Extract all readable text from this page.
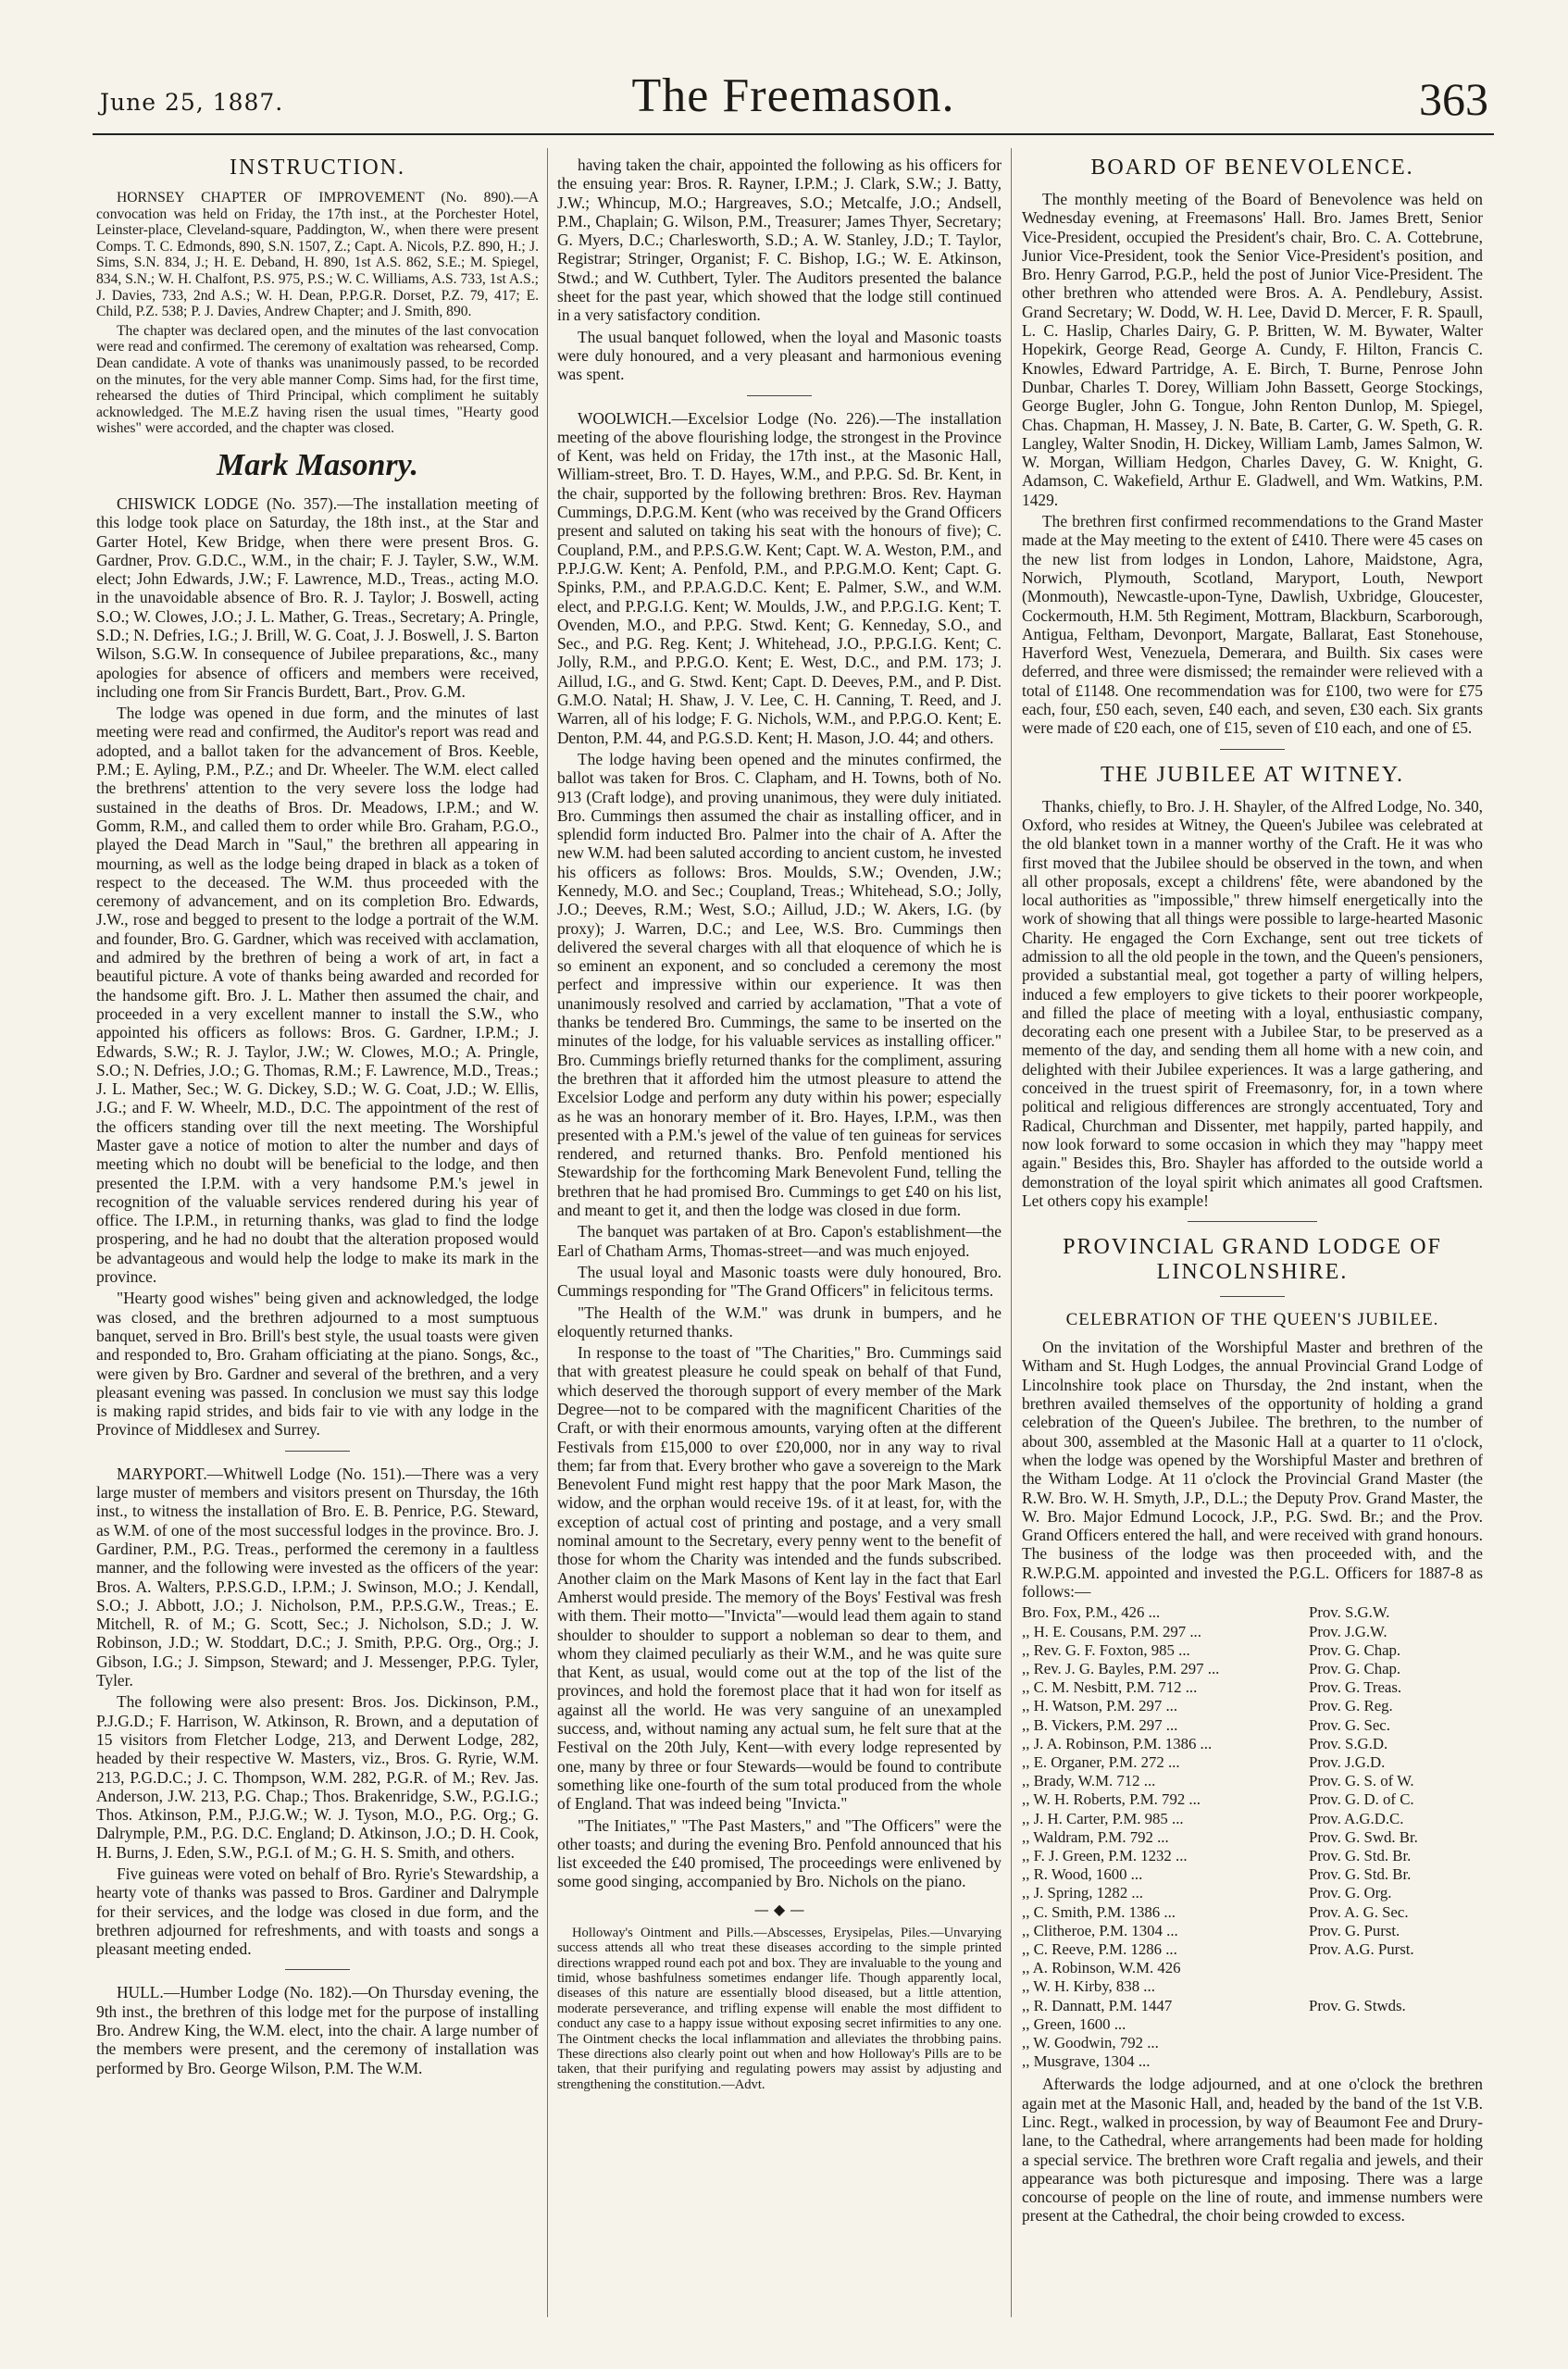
June 25, 1887.	The Freemason.	363
INSTRUCTION.

HORNSEY CHAPTER OF IMPROVEMENT (No. 890).—A convocation was held on Friday, the 17th inst., at the Porchester Hotel, Leinster-place, Cleveland-square, Paddington, W., when there were present Comps. T. C. Edmonds, 890, S.N. 1507, Z.; Capt. A. Nicols, P.Z. 890, H.; J. Sims, S.N. 834, J.; H. E. Deband, H. 890, 1st A.S. 862, S.E.; M. Spiegel, 834, S.N.; W. H. Chalfont, P.S. 975, P.S.; W. C. Williams, A.S. 733, 1st A.S.; J. Davies, 733, 2nd A.S.; W. H. Dean, P.P.G.R. Dorset, P.Z. 79, 417; E. Child, P.Z. 538; P. J. Davies, Andrew Chapter; and J. Smith, 890.

The chapter was declared open, and the minutes of the last convocation were read and confirmed. The ceremony of exaltation was rehearsed, Comp. Dean candidate. A vote of thanks was unanimously passed, to be recorded on the minutes, for the very able manner Comp. Sims had, for the first time, rehearsed the duties of Third Principal, which compliment he suitably acknowledged. The M.E.Z having risen the usual times, "Hearty good wishes" were accorded, and the chapter was closed.

Mark Masonry.

CHISWICK LODGE (No. 357).—The installation meeting of this lodge took place on Saturday, the 18th inst., at the Star and Garter Hotel, Kew Bridge, when there were present Bros. G. Gardner, Prov. G.D.C., W.M., in the chair; F. J. Tayler, S.W., W.M. elect; John Edwards, J.W.; F. Lawrence, M.D., Treas., acting M.O. in the unavoidable absence of Bro. R. J. Taylor; J. Boswell, acting S.O.; W. Clowes, J.O.; J. L. Mather, G. Treas., Secretary; A. Pringle, S.D.; N. Defries, I.G.; J. Brill, W. G. Coat, J. J. Boswell, J. S. Barton Wilson, S.G.W. In consequence of Jubilee preparations, &c., many apologies for absence of officers and members were received, including one from Sir Francis Burdett, Bart., Prov. G.M.

The lodge was opened in due form, and the minutes of last meeting were read and confirmed, the Auditor's report was read and adopted, and a ballot taken for the advancement of Bros. Keeble, P.M.; E. Ayling, P.M., P.Z.; and Dr. Wheeler. The W.M. elect called the brethrens' attention to the very severe loss the lodge had sustained in the deaths of Bros. Dr. Meadows, I.P.M.; and W. Gomm, R.M., and called them to order while Bro. Graham, P.G.O., played the Dead March in "Saul," the brethren all appearing in mourning, as well as the lodge being draped in black as a token of respect to the deceased. The W.M. thus proceeded with the ceremony of advancement, and on its completion Bro. Edwards, J.W., rose and begged to present to the lodge a portrait of the W.M. and founder, Bro. G. Gardner, which was received with acclamation, and admired by the brethren of being a work of art, in fact a beautiful picture. A vote of thanks being awarded and recorded for the handsome gift. Bro. J. L. Mather then assumed the chair, and proceeded in a very excellent manner to install the S.W., who appointed his officers as follows: Bros. G. Gardner, I.P.M.; J. Edwards, S.W.; R. J. Taylor, J.W.; W. Clowes, M.O.; A. Pringle, S.O.; N. Defries, J.O.; G. Thomas, R.M.; F. Lawrence, M.D., Treas.; J. L. Mather, Sec.; W. G. Dickey, S.D.; W. G. Coat, J.D.; W. Ellis, J.G.; and F. W. Wheelr, M.D., D.C. The appointment of the rest of the officers standing over till the next meeting. The Worshipful Master gave a notice of motion to alter the number and days of meeting which no doubt will be beneficial to the lodge, and then presented the I.P.M. with a very handsome P.M.'s jewel in recognition of the valuable services rendered during his year of office. The I.P.M., in returning thanks, was glad to find the lodge prospering, and he had no doubt that the alteration proposed would be advantageous and would help the lodge to make its mark in the province.

"Hearty good wishes" being given and acknowledged, the lodge was closed, and the brethren adjourned to a most sumptuous banquet, served in Bro. Brill's best style, the usual toasts were given and responded to, Bro. Graham officiating at the piano. Songs, &c., were given by Bro. Gardner and several of the brethren, and a very pleasant evening was passed. In conclusion we must say this lodge is making rapid strides, and bids fair to vie with any lodge in the Province of Middlesex and Surrey.

MARYPORT.—Whitwell Lodge (No. 151).—There was a very large muster of members and visitors present on Thursday, the 16th inst., to witness the installation of Bro. E. B. Penrice, P.G. Steward, as W.M. of one of the most successful lodges in the province. Bro. J. Gardiner, P.M., P.G. Treas., performed the ceremony in a faultless manner, and the following were invested as the officers of the year: Bros. A. Walters, P.P.S.G.D., I.P.M.; J. Swinson, M.O.; J. Kendall, S.O.; J. Abbott, J.O.; J. Nicholson, P.M., P.P.S.G.W., Treas.; E. Mitchell, R. of M.; G. Scott, Sec.; J. Nicholson, S.D.; J. W. Robinson, J.D.; W. Stoddart, D.C.; J. Smith, P.P.G. Org., Org.; J. Gibson, I.G.; J. Simpson, Steward; and J. Messenger, P.P.G. Tyler, Tyler.

The following were also present: Bros. Jos. Dickinson, P.M., P.J.G.D.; F. Harrison, W. Atkinson, R. Brown, and a deputation of 15 visitors from Fletcher Lodge, 213, and Derwent Lodge, 282, headed by their respective W. Masters, viz., Bros. G. Ryrie, W.M. 213, P.G.D.C.; J. C. Thompson, W.M. 282, P.G.R. of M.; Rev. Jas. Anderson, J.W. 213, P.G. Chap.; Thos. Brakenridge, S.W., P.G.I.G.; Thos. Atkinson, P.M., P.J.G.W.; W. J. Tyson, M.O., P.G. Org.; G. Dalrymple, P.M., P.G. D.C. England; D. Atkinson, J.O.; D. H. Cook, H. Burns, J. Eden, S.W., P.G.I. of M.; G. H. S. Smith, and others.

Five guineas were voted on behalf of Bro. Ryrie's Stewardship, a hearty vote of thanks was passed to Bros. Gardiner and Dalrymple for their services, and the lodge was closed in due form, and the brethren adjourned for refreshments, and with toasts and songs a pleasant meeting ended.

HULL.—Humber Lodge (No. 182).—On Thursday evening, the 9th inst., the brethren of this lodge met for the purpose of installing Bro. Andrew King, the W.M. elect, into the chair. A large number of the members were present, and the ceremony of installation was performed by Bro. George Wilson, P.M. The W.M.

having taken the chair, appointed the following as his officers for the ensuing year: Bros. R. Rayner, I.P.M.; J. Clark, S.W.; J. Batty, J.W.; Whincup, M.O.; Hargreaves, S.O.; Metcalfe, J.O.; Andsell, P.M., Chaplain; G. Wilson, P.M., Treasurer; James Thyer, Secretary; G. Myers, D.C.; Charlesworth, S.D.; A. W. Stanley, J.D.; T. Taylor, Registrar; Stringer, Organist; F. C. Bishop, I.G.; W. E. Atkinson, Stwd.; and W. Cuthbert, Tyler. The Auditors presented the balance sheet for the past year, which showed that the lodge still continued in a very satisfactory condition.

The usual banquet followed, when the loyal and Masonic toasts were duly honoured, and a very pleasant and harmonious evening was spent.

WOOLWICH.—Excelsior Lodge (No. 226).—The installation meeting of the above flourishing lodge, the strongest in the Province of Kent, was held on Friday, the 17th inst., at the Masonic Hall, William-street, Bro. T. D. Hayes, W.M., and P.P.G. Sd. Br. Kent, in the chair, supported by the following brethren: Bros. Rev. Hayman Cummings, D.P.G.M. Kent (who was received by the Grand Officers present and saluted on taking his seat with the honours of five); C. Coupland, P.M., and P.P.S.G.W. Kent; Capt. W. A. Weston, P.M., and P.P.J.G.W. Kent; A. Penfold, P.M., and P.P.G.M.O. Kent; Capt. G. Spinks, P.M., and P.P.A.G.D.C. Kent; E. Palmer, S.W., and W.M. elect, and P.P.G.I.G. Kent; W. Moulds, J.W., and P.P.G.I.G. Kent; T. Ovenden, M.O., and P.P.G. Stwd. Kent; G. Kenneday, S.O., and Sec., and P.G. Reg. Kent; J. Whitehead, J.O., P.P.G.I.G. Kent; C. Jolly, R.M., and P.P.G.O. Kent; E. West, D.C., and P.M. 173; J. Aillud, I.G., and G. Stwd. Kent; Capt. D. Deeves, P.M., and P. Dist. G.M.O. Natal; H. Shaw, J. V. Lee, C. H. Canning, T. Reed, and J. Warren, all of his lodge; F. G. Nichols, W.M., and P.P.G.O. Kent; E. Denton, P.M. 44, and P.G.S.D. Kent; H. Mason, J.O. 44; and others.

The lodge having been opened and the minutes confirmed, the ballot was taken for Bros. C. Clapham, and H. Towns, both of No. 913 (Craft lodge), and proving unanimous, they were duly initiated. Bro. Cummings then assumed the chair as installing officer, and in splendid form inducted Bro. Palmer into the chair of A. After the new W.M. had been saluted according to ancient custom, he invested his officers as follows: Bros. Moulds, S.W.; Ovenden, J.W.; Kennedy, M.O. and Sec.; Coupland, Treas.; Whitehead, S.O.; Jolly, J.O.; Deeves, R.M.; West, S.O.; Aillud, J.D.; W. Akers, I.G. (by proxy); J. Warren, D.C.; and Lee, W.S. Bro. Cummings then delivered the several charges with all that eloquence of which he is so eminent an exponent, and so concluded a ceremony the most perfect and impressive within our experience. It was then unanimously resolved and carried by acclamation, "That a vote of thanks be tendered Bro. Cummings, the same to be inserted on the minutes of the lodge, for his valuable services as installing officer." Bro. Cummings briefly returned thanks for the compliment, assuring the brethren that it afforded him the utmost pleasure to attend the Excelsior Lodge and perform any duty within his power; especially as he was an honorary member of it. Bro. Hayes, I.P.M., was then presented with a P.M.'s jewel of the value of ten guineas for services rendered, and returned thanks. Bro. Penfold mentioned his Stewardship for the forthcoming Mark Benevolent Fund, telling the brethren that he had promised Bro. Cummings to get £40 on his list, and meant to get it, and then the lodge was closed in due form.

The banquet was partaken of at Bro. Capon's establishment—the Earl of Chatham Arms, Thomas-street—and was much enjoyed.

The usual loyal and Masonic toasts were duly honoured, Bro. Cummings responding for "The Grand Officers" in felicitous terms.

"The Health of the W.M." was drunk in bumpers, and he eloquently returned thanks.

In response to the toast of "The Charities," Bro. Cummings said that with greatest pleasure he could speak on behalf of that Fund, which deserved the thorough support of every member of the Mark Degree—not to be compared with the magnificent Charities of the Craft, or with their enormous amounts, varying often at the different Festivals from £15,000 to over £20,000, nor in any way to rival them; far from that. Every brother who gave a sovereign to the Mark Benevolent Fund might rest happy that the poor Mark Mason, the widow, and the orphan would receive 19s. of it at least, for, with the exception of actual cost of printing and postage, and a very small nominal amount to the Secretary, every penny went to the benefit of those for whom the Charity was intended and the funds subscribed. Another claim on the Mark Masons of Kent lay in the fact that Earl Amherst would preside. The memory of the Boys' Festival was fresh with them. Their motto—"Invicta"—would lead them again to stand shoulder to shoulder to support a nobleman so dear to them, and whom they claimed peculiarly as their W.M., and he was quite sure that Kent, as usual, would come out at the top of the list of the provinces, and hold the foremost place that it had won for itself as against all the world. He was very sanguine of an unexampled success, and, without naming any actual sum, he felt sure that at the Festival on the 20th July, Kent—with every lodge represented by one, many by three or four Stewards—would be found to contribute something like one-fourth of the sum total produced from the whole of England. That was indeed being "Invicta."

"The Initiates," "The Past Masters," and "The Officers" were the other toasts; and during the evening Bro. Penfold announced that his list exceeded the £40 promised, The proceedings were enlivened by some good singing, accompanied by Bro. Nichols on the piano.

— ◆ —

Holloway's Ointment and Pills.—Abscesses, Erysipelas, Piles.—Unvarying success attends all who treat these diseases according to the simple printed directions wrapped round each pot and box. They are invaluable to the young and timid, whose bashfulness sometimes endanger life. Though apparently local, diseases of this nature are essentially blood diseased, but a little attention, moderate perseverance, and trifling expense will enable the most diffident to conduct any case to a happy issue without exposing secret infirmities to any one. The Ointment checks the local inflammation and alleviates the throbbing pains. These directions also clearly point out when and how Holloway's Pills are to be taken, that their purifying and regulating powers may assist by adjusting and strengthening the constitution.—Advt.

BOARD OF BENEVOLENCE.

The monthly meeting of the Board of Benevolence was held on Wednesday evening, at Freemasons' Hall. Bro. James Brett, Senior Vice-President, occupied the President's chair, Bro. C. A. Cottebrune, Junior Vice-President, took the Senior Vice-President's position, and Bro. Henry Garrod, P.G.P., held the post of Junior Vice-President. The other brethren who attended were Bros. A. A. Pendlebury, Assist. Grand Secretary; W. Dodd, W. H. Lee, David D. Mercer, F. R. Spaull, L. C. Haslip, Charles Dairy, G. P. Britten, W. M. Bywater, Walter Hopekirk, George Read, George A. Cundy, F. Hilton, Francis C. Knowles, Edward Partridge, A. E. Birch, T. Burne, Penrose John Dunbar, Charles T. Dorey, William John Bassett, George Stockings, George Bugler, John G. Tongue, John Renton Dunlop, M. Spiegel, Chas. Chapman, H. Massey, J. N. Bate, B. Carter, G. W. Speth, G. R. Langley, Walter Snodin, H. Dickey, William Lamb, James Salmon, W. W. Morgan, William Hedgon, Charles Davey, G. W. Knight, G. Adamson, C. Wakefield, Arthur E. Gladwell, and Wm. Watkins, P.M. 1429.

The brethren first confirmed recommendations to the Grand Master made at the May meeting to the extent of £410. There were 45 cases on the new list from lodges in London, Lahore, Maidstone, Agra, Norwich, Plymouth, Scotland, Maryport, Louth, Newport (Monmouth), Newcastle-upon-Tyne, Dawlish, Uxbridge, Gloucester, Cockermouth, H.M. 5th Regiment, Mottram, Blackburn, Scarborough, Antigua, Feltham, Devonport, Margate, Ballarat, East Stonehouse, Haverford West, Venezuela, Demerara, and Builth. Six cases were deferred, and three were dismissed; the remainder were relieved with a total of £1148. One recommendation was for £100, two were for £75 each, four, £50 each, seven, £40 each, and seven, £30 each. Six grants were made of £20 each, one of £15, seven of £10 each, and one of £5.

THE JUBILEE AT WITNEY.

Thanks, chiefly, to Bro. J. H. Shayler, of the Alfred Lodge, No. 340, Oxford, who resides at Witney, the Queen's Jubilee was celebrated at the old blanket town in a manner worthy of the Craft. He it was who first moved that the Jubilee should be observed in the town, and when all other proposals, except a childrens' fête, were abandoned by the local authorities as "impossible," threw himself energetically into the work of showing that all things were possible to large-hearted Masonic Charity. He engaged the Corn Exchange, sent out tree tickets of admission to all the old people in the town, and the Queen's pensioners, provided a substantial meal, got together a party of willing helpers, induced a few employers to give tickets to their poorer workpeople, and filled the place of meeting with a loyal, enthusiastic company, decorating each one present with a Jubilee Star, to be preserved as a memento of the day, and sending them all home with a new coin, and delighted with their Jubilee experiences. It was a large gathering, and conceived in the truest spirit of Freemasonry, for, in a town where political and religious differences are strongly accentuated, Tory and Radical, Churchman and Dissenter, met happily, parted happily, and now look forward to some occasion in which they may "happy meet again." Besides this, Bro. Shayler has afforded to the outside world a demonstration of the loyal spirit which animates all good Craftsmen. Let others copy his example!

PROVINCIAL GRAND LODGE OF LINCOLNSHIRE.
CELEBRATION OF THE QUEEN'S JUBILEE.

On the invitation of the Worshipful Master and brethren of the Witham and St. Hugh Lodges, the annual Provincial Grand Lodge of Lincolnshire took place on Thursday, the 2nd instant, when the brethren availed themselves of the opportunity of holding a grand celebration of the Queen's Jubilee. The brethren, to the number of about 300, assembled at the Masonic Hall at a quarter to 11 o'clock, when the lodge was opened by the Worshipful Master and brethren of the Witham Lodge. At 11 o'clock the Provincial Grand Master (the R.W. Bro. W. H. Smyth, J.P., D.L.; the Deputy Prov. Grand Master, the W. Bro. Major Edmund Locock, J.P., P.G. Swd. Br.; and the Prov. Grand Officers entered the hall, and were received with grand honours. The business of the lodge was then proceeded with, and the R.W.P.G.M. appointed and invested the P.G.L. Officers for 1887-8 as follows:—

Bro. Fox, P.M., 426 ...	Prov. S.G.W.
,, H. E. Cousans, P.M. 297 ...	Prov. J.G.W.
,, Rev. G. F. Foxton, 985 ...	Prov. G. Chap.
,, Rev. J. G. Bayles, P.M. 297 ...	Prov. G. Chap.
,, C. M. Nesbitt, P.M. 712 ...	Prov. G. Treas.
,, H. Watson, P.M. 297 ...	Prov. G. Reg.
,, B. Vickers, P.M. 297 ...	Prov. G. Sec.
,, J. A. Robinson, P.M. 1386 ...	Prov. S.G.D.
,, E. Organer, P.M. 272 ...	Prov. J.G.D.
,, Brady, W.M. 712 ...	Prov. G. S. of W.
,, W. H. Roberts, P.M. 792 ...	Prov. G. D. of C.
,, J. H. Carter, P.M. 985 ...	Prov. A.G.D.C.
,, Waldram, P.M. 792 ...	Prov. G. Swd. Br.
,, F. J. Green, P.M. 1232 ...	Prov. G. Std. Br.
,, R. Wood, 1600 ...	Prov. G. Std. Br.
,, J. Spring, 1282 ...	Prov. G. Org.
,, C. Smith, P.M. 1386 ...	Prov. A. G. Sec.
,, Clitheroe, P.M. 1304 ...	Prov. G. Purst.
,, C. Reeve, P.M. 1286 ...	Prov. A.G. Purst.
,, A. Robinson, W.M. 426
,, W. H. Kirby, 838 ...
,, R. Dannatt, P.M. 1447	Prov. G. Stwds.
,, Green, 1600 ...
,, W. Goodwin, 792 ...
,, Musgrave, 1304 ...

Afterwards the lodge adjourned, and at one o'clock the brethren again met at the Masonic Hall, and, headed by the band of the 1st V.B. Linc. Regt., walked in procession, by way of Beaumont Fee and Drury-lane, to the Cathedral, where arrangements had been made for holding a special service. The brethren wore Craft regalia and jewels, and their appearance was both picturesque and imposing. There was a large concourse of people on the line of route, and immense numbers were present at the Cathedral, the choir being crowded to excess.
